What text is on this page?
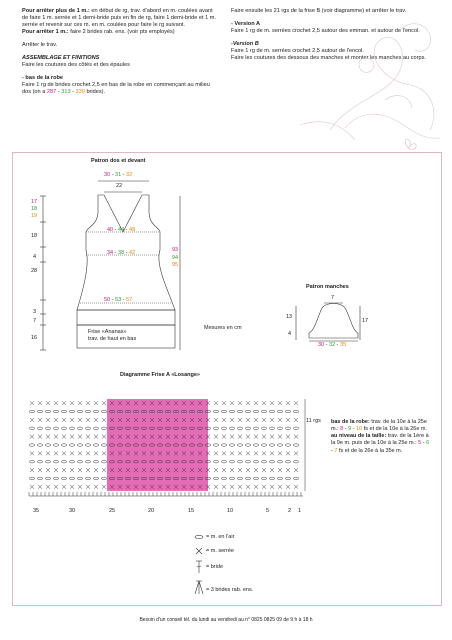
Pour arrêter plus de 1 m.: en début de rg, trav. d'abord en m. coulées avant de faire 1 m. serrée et 1 demi-bride puis en fin de rg, faire 1 demi-bride et 1 m. serrée et revenir sur ces m. en m. coulées pour faire le rg suivant.
Pour arrêter 1 m.: faire 2 brides rab. ens. (voir pts employés)

Arrêter le trav.

ASSEMBLAGE ET FINITIONS

Faire les coutures des côtés et des épaules

- bas de la robe

Faire 1 rg de brides crochet 2,5 en bas de la robe en commençant au milieu dos (on a 287 - 313 - 339 brides).

Faire ensuite les 21 rgs de la frise B (voir diagramme) et arrêter le trav.

- Version A

Faire 1 rg de m. serrées crochet 2,5 autour des emman. et autour de l'encol.

-Version B

Faire 1 rg de m. serrées crochet 2,5 autour de l'encol.

Faire les coutures des dessous des manches et monter les manches au corps.

Patron dos et devant
30 - 31 - 32
22
17
18
19
18
4
28
3
7
16
40 - 44 - 48
34 - 38 - 42
50 - 53 - 57
93
94
95
Frise «Ananas»
trav. de haut en bas
Mesures en cm
Patron manches
7
13
4
17
30 - 32 - 35
Diagramme Frise A «Losange»
11 rgs
35	30	25	20	15	10	5	2 1
bas de la robe: trav. de la 10e à la 25e m.: 8 - 9 - 10 fs et de la 10e à la 26e m.
au niveau de la taille: trav. de la 1ère à la 9e m. puis de la 10e à la 25e m.: 5 - 6 - 7 fs et de la 26e à la 35e m.
= m. en l'air
= m. serrée
= bride
= 3 brides rab. ens.
Besoin d'un conseil tél. du lundi au vendredi au n° 0825 0825 09 de 9 h à 18 h
